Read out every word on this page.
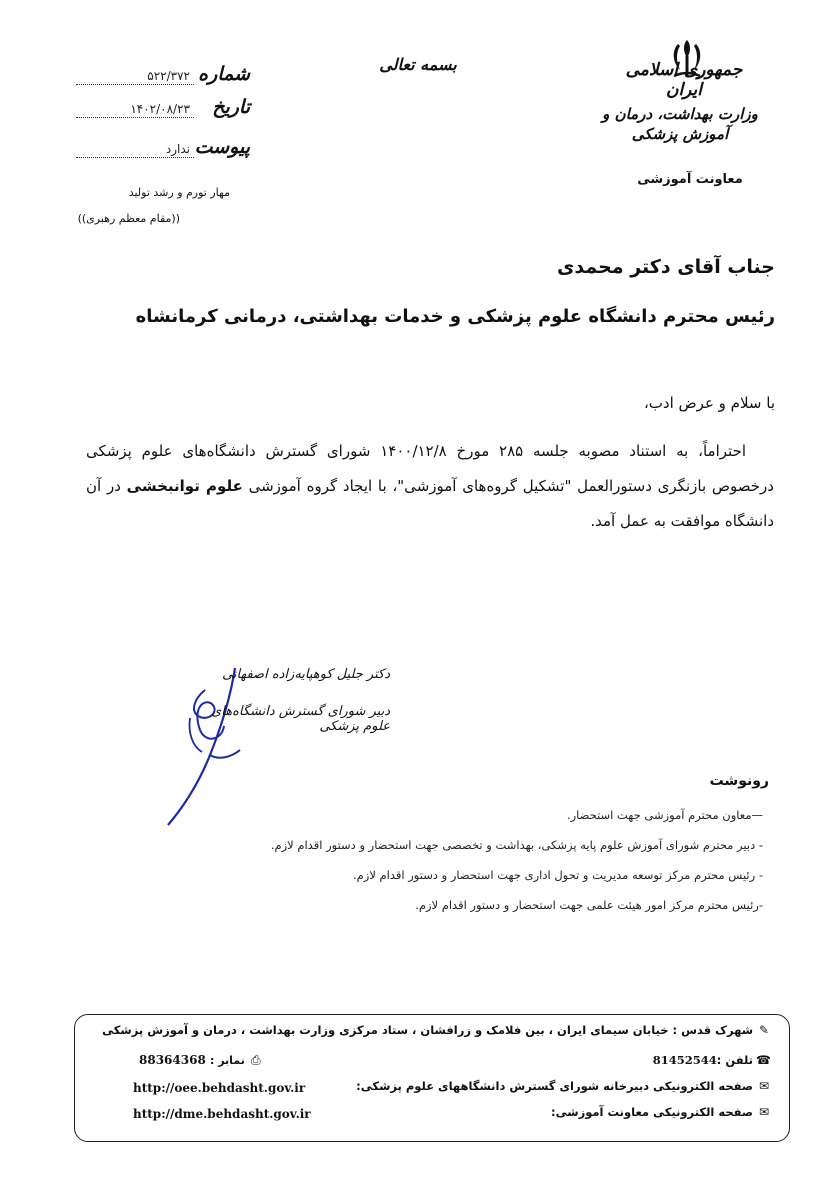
جمهوری اسلامی ایران
وزارت بهداشت، درمان و آموزش پزشکی
معاونت آموزشی
بسمه تعالی
شماره
۵۲۲/۳۷۲
تاریخ
۱۴۰۲/۰۸/۲۳
پیوست
ندارد
مهار تورم و رشد تولید
((مقام معظم رهبری))
جناب آقای دکتر محمدی
رئیس محترم دانشگاه علوم پزشکی و خدمات بهداشتی، درمانی کرمانشاه
با سلام و عرض ادب،
احتراماً، به استناد مصوبه جلسه ۲۸۵ مورخ ۱۴۰۰/۱۲/۸ شورای گسترش دانشگاه‌های علوم پزشکی درخصوص بازنگری دستورالعمل "تشکیل گروه‌های آموزشی"، با ایجاد گروه آموزشی علوم توانبخشی در آن دانشگاه موافقت به عمل آمد.
دکتر جلیل کوهپایه‌زاده اصفهانی
دبیر شورای گسترش دانشگاه‌های علوم پزشکی
رونوشت
—معاون محترم آموزشی جهت استحضار.
- دبیر محترم شورای آموزش علوم پایه پزشکی، بهداشت و تخصصی جهت استحضار و دستور اقدام لازم.
- رئیس محترم مرکز توسعه مدیریت و تحول اداری جهت استحضار و دستور اقدام لازم.
-رئیس محترم مرکز امور هیئت علمی جهت استحضار و دستور اقدام لازم.
✎شهرک قدس : خیابان سیمای ایران ، بین فلامک و زرافشان ، ستاد مرکزی وزارت بهداشت ، درمان و آموزش پزشکی
☎تلفن :81452544
⎙نمابر : 88364368
✉صفحه الکترونیکی دبیرخانه شورای گسترش دانشگاههای علوم پزشکی:
http://oee.behdasht.gov.ir
✉صفحه الکترونیکی معاونت آموزشی:
http://dme.behdasht.gov.ir
